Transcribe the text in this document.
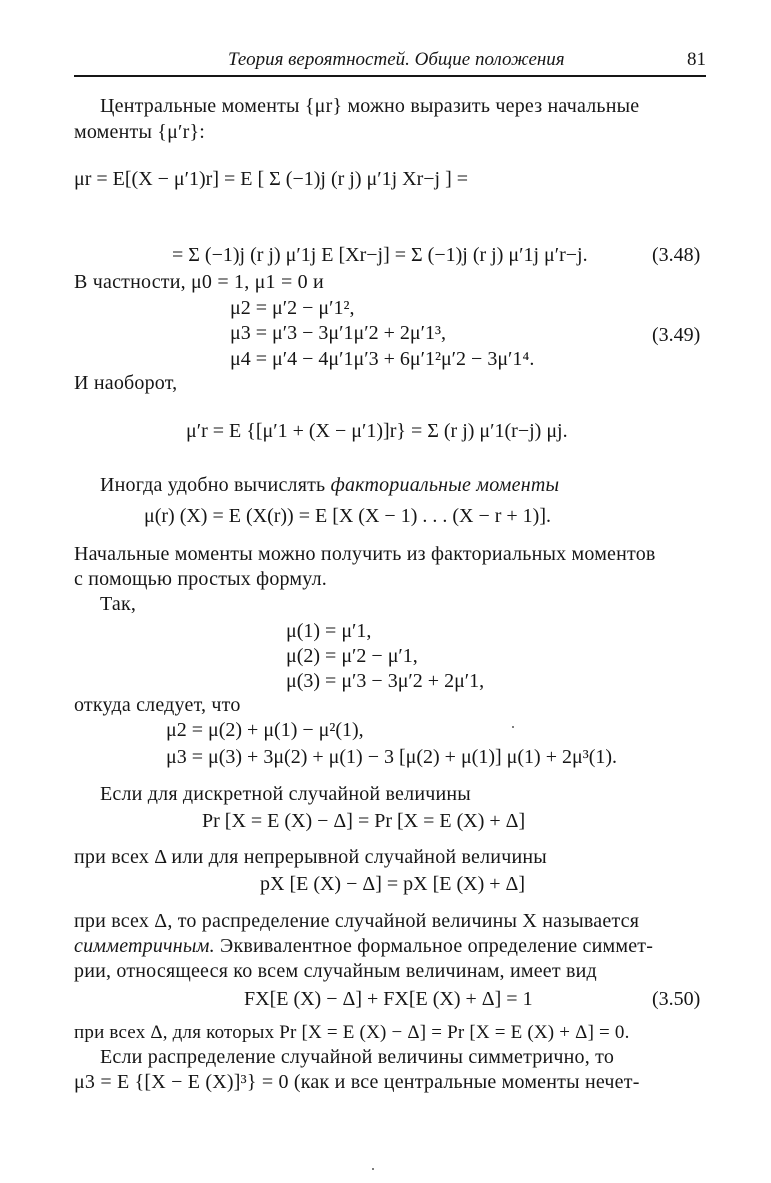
Теория вероятностей. Общие положения	81
Центральные моменты {μr} можно выразить через начальные
моменты {μ′r}:
μr = E[(X − μ′1)r] = E [ Σ (−1)j (r j) μ′1j Xr−j ] =
= Σ (−1)j (r j) μ′1j E [Xr−j] = Σ (−1)j (r j) μ′1j μ′r−j.	(3.48)
В частности, μ0 = 1, μ1 = 0 и
μ2 = μ′2 − μ′1²,
μ3 = μ′3 − 3μ′1μ′2 + 2μ′1³,	(3.49)
μ4 = μ′4 − 4μ′1μ′3 + 6μ′1²μ′2 − 3μ′1⁴.
И наоборот,
μ′r = E {[μ′1 + (X − μ′1)]r} = Σ (r j) μ′1(r−j) μj.
Иногда удобно вычислять факториальные моменты
μ(r) (X) = E (X(r)) = E [X (X − 1) . . . (X − r + 1)].
Начальные моменты можно получить из факториальных моментов
с помощью простых формул.
Так,
μ(1) = μ′1,
μ(2) = μ′2 − μ′1,
μ(3) = μ′3 − 3μ′2 + 2μ′1,
откуда следует, что
μ2 = μ(2) + μ(1) − μ²(1),
μ3 = μ(3) + 3μ(2) + μ(1) − 3 [μ(2) + μ(1)] μ(1) + 2μ³(1).
Если для дискретной случайной величины
Pr [X = E (X) − Δ] = Pr [X = E (X) + Δ]
при всех Δ или для непрерывной случайной величины
pX [E (X) − Δ] = pX [E (X) + Δ]
при всех Δ, то распределение случайной величины X называется
симметричным. Эквивалентное формальное определение симмет-
рии, относящееся ко всем случайным величинам, имеет вид
FX[E (X) − Δ] + FX[E (X) + Δ] = 1	(3.50)
при всех Δ, для которых Pr [X = E (X) − Δ] = Pr [X = E (X) + Δ] = 0.
Если распределение случайной величины симметрично, то
μ3 = E {[X − E (X)]³} = 0 (как и все центральные моменты нечет-
